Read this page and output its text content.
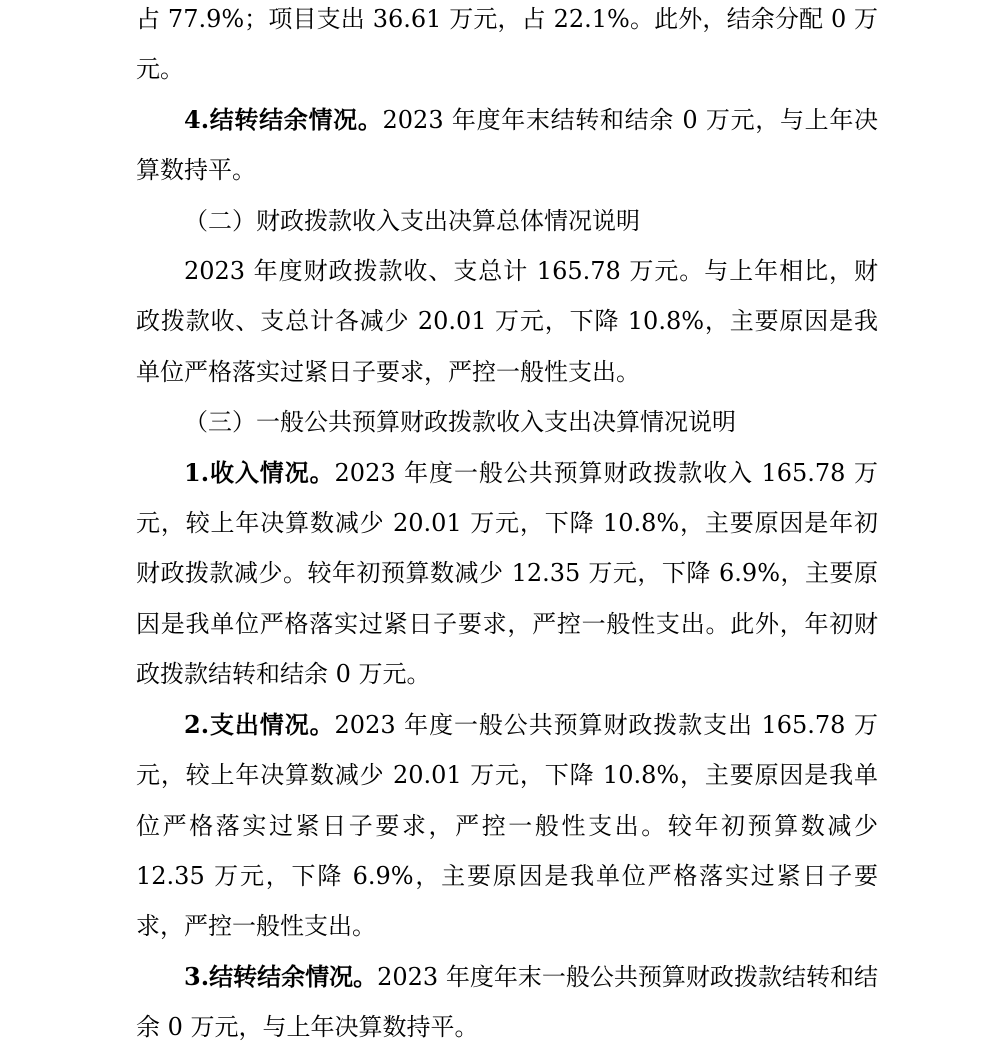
占 77.9%；项目支出 36.61 万元，占 22.1%。此外，结余分配 0 万元。

4.结转结余情况。2023 年度年末结转和结余 0 万元，与上年决算数持平。

（二）财政拨款收入支出决算总体情况说明

2023 年度财政拨款收、支总计 165.78 万元。与上年相比，财政拨款收、支总计各减少 20.01 万元，下降 10.8%，主要原因是我单位严格落实过紧日子要求，严控一般性支出。

（三）一般公共预算财政拨款收入支出决算情况说明

1.收入情况。2023 年度一般公共预算财政拨款收入 165.78 万元，较上年决算数减少 20.01 万元，下降 10.8%，主要原因是年初财政拨款减少。较年初预算数减少 12.35 万元，下降 6.9%，主要原因是我单位严格落实过紧日子要求，严控一般性支出。此外，年初财政拨款结转和结余 0 万元。

2.支出情况。2023 年度一般公共预算财政拨款支出 165.78 万元，较上年决算数减少 20.01 万元，下降 10.8%，主要原因是我单位严格落实过紧日子要求，严控一般性支出。较年初预算数减少 12.35 万元，下降 6.9%，主要原因是我单位严格落实过紧日子要求，严控一般性支出。

3.结转结余情况。2023 年度年末一般公共预算财政拨款结转和结余 0 万元，与上年决算数持平。
